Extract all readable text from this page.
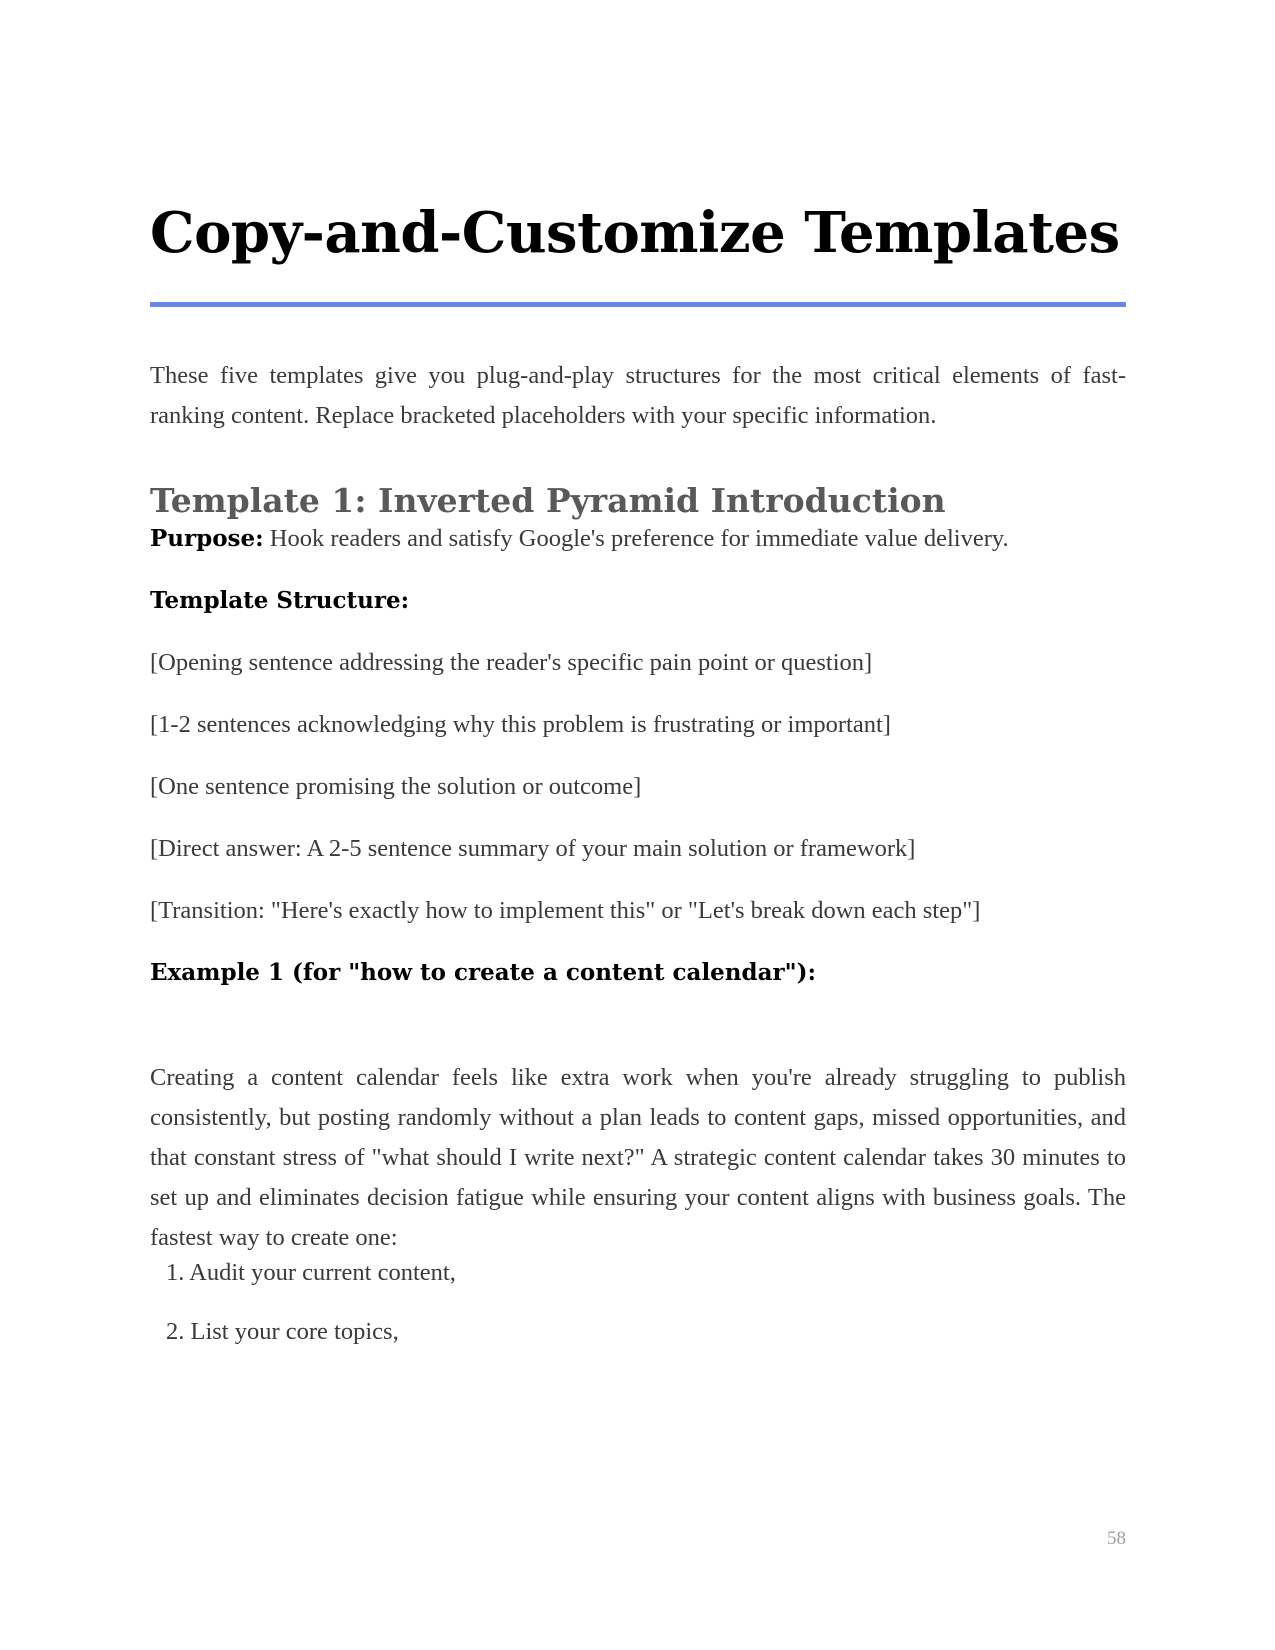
Copy-and-Customize Templates

These five templates give you plug-and-play structures for the most critical elements of fast-ranking content. Replace bracketed placeholders with your specific information.

Template 1: Inverted Pyramid Introduction

Purpose: Hook readers and satisfy Google's preference for immediate value delivery.

Template Structure:

[Opening sentence addressing the reader's specific pain point or question]

[1-2 sentences acknowledging why this problem is frustrating or important]

[One sentence promising the solution or outcome]

[Direct answer: A 2-5 sentence summary of your main solution or framework]

[Transition: "Here's exactly how to implement this" or "Let's break down each step"]

Example 1 (for "how to create a content calendar"):

Creating a content calendar feels like extra work when you're already struggling to publish consistently, but posting randomly without a plan leads to content gaps, missed opportunities, and that constant stress of "what should I write next?" A strategic content calendar takes 30 minutes to set up and eliminates decision fatigue while ensuring your content aligns with business goals. The fastest way to create one:

1. Audit your current content,

2. List your core topics,

58
